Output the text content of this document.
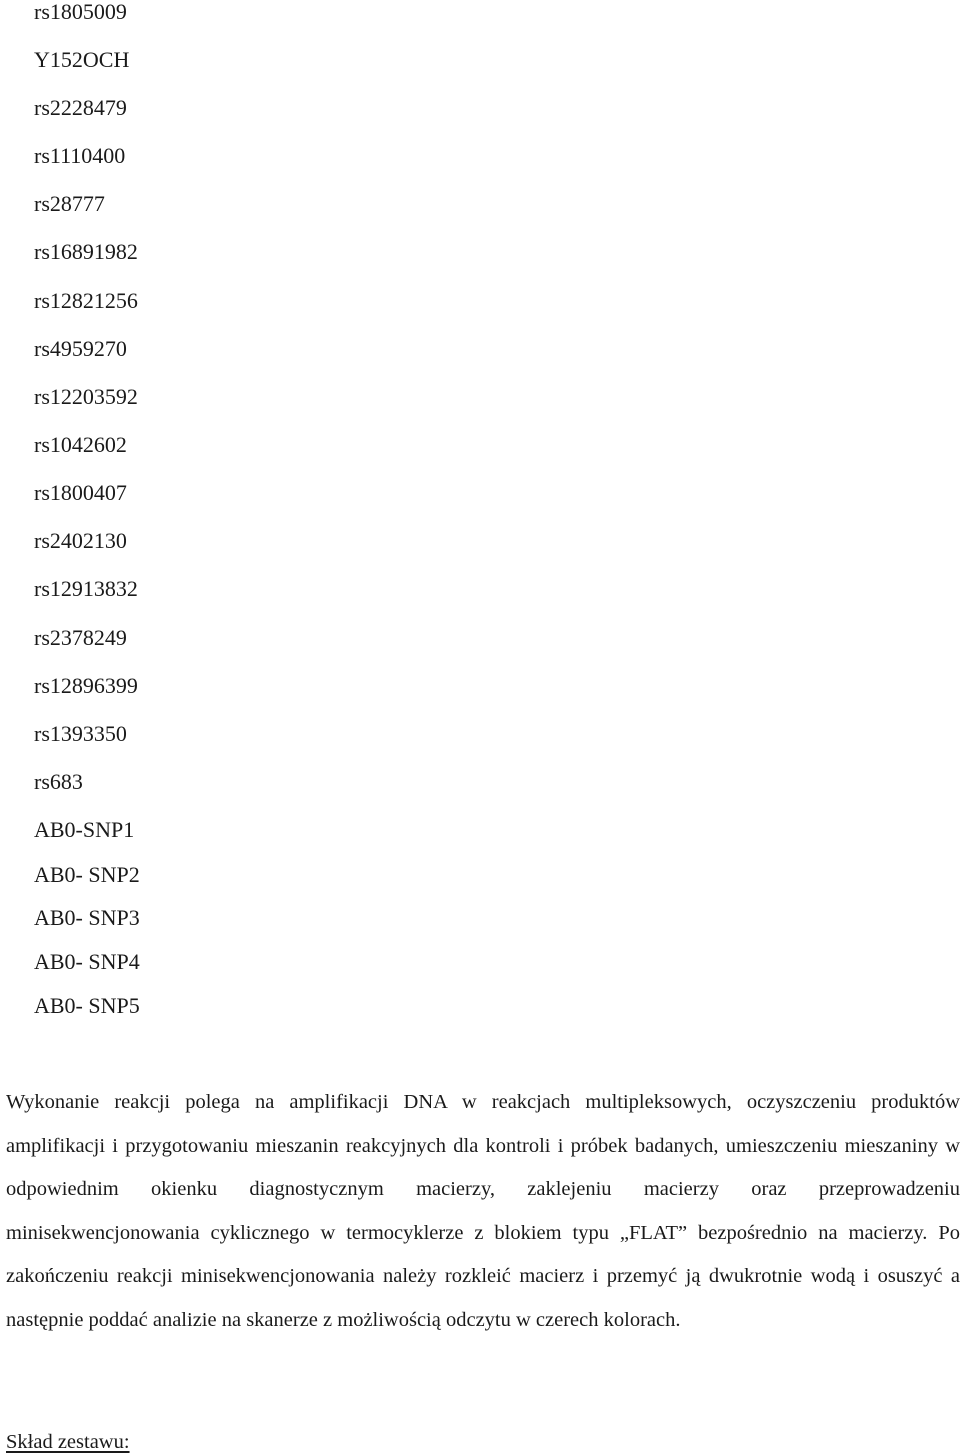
rs1805009
Y152OCH
rs2228479
rs1110400
rs28777
rs16891982
rs12821256
rs4959270
rs12203592
rs1042602
rs1800407
rs2402130
rs12913832
rs2378249
rs12896399
rs1393350
rs683
AB0-SNP1
AB0- SNP2
AB0- SNP3
AB0- SNP4
AB0- SNP5

Wykonanie reakcji polega na amplifikacji DNA w reakcjach multipleksowych, oczyszczeniu produktów amplifikacji i przygotowaniu mieszanin reakcyjnych dla kontroli i próbek badanych, umieszczeniu mieszaniny w odpowiednim okienku diagnostycznym macierzy, zaklejeniu macierzy oraz przeprowadzeniu minisekwencjonowania cyklicznego w termocyklerze z blokiem typu „FLAT” bezpośrednio na macierzy. Po zakończeniu reakcji minisekwencjonowania należy rozkleić macierz i przemyć ją dwukrotnie wodą i osuszyć a następnie poddać analizie na skanerze z możliwością odczytu w czerech kolorach.

Skład zestawu:
